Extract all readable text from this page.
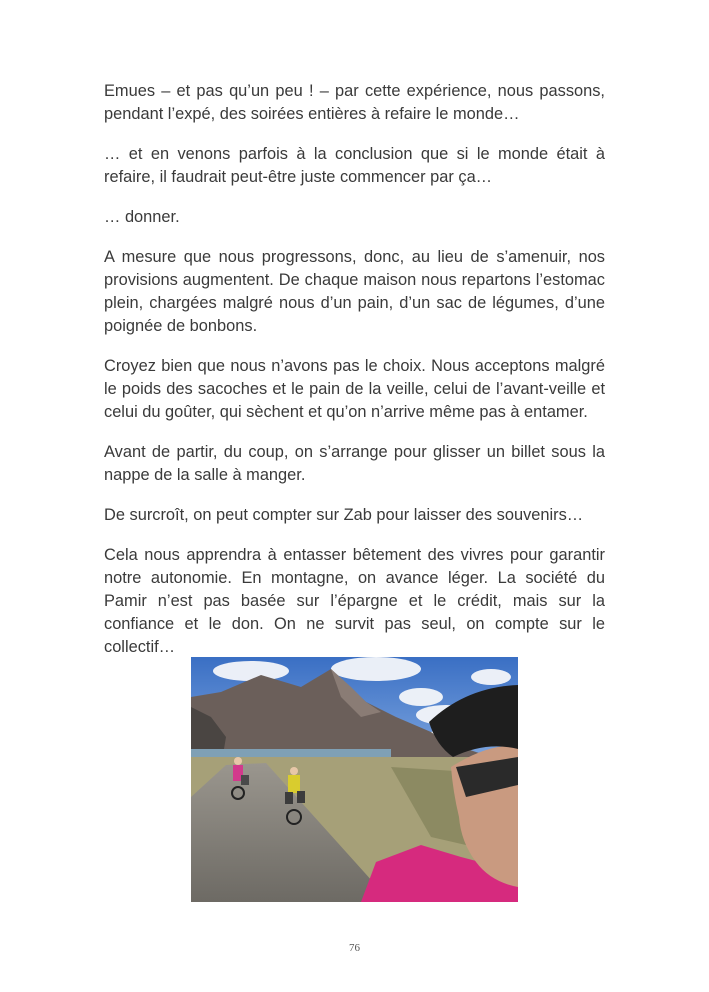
Emues – et pas qu’un peu ! – par cette expérience, nous passons, pendant l’expé, des soirées entières à refaire le monde…

… et en venons parfois à la conclusion que si le monde était à refaire, il faudrait peut-être juste commencer par ça…

… donner.

A mesure que nous progressons, donc, au lieu de s’amenuir, nos provisions augmentent. De chaque maison nous repartons l’estomac plein, chargées malgré nous d’un pain, d’un sac de légumes, d’une poignée de bonbons.

Croyez bien que nous n’avons pas le choix. Nous acceptons malgré le poids des sacoches et le pain de la veille, celui de l’avant-veille et celui du goûter, qui sèchent et qu’on n’arrive même pas à entamer.

Avant de partir, du coup, on s’arrange pour glisser un billet sous la nappe de la salle à manger.

De surcroît, on peut compter sur Zab pour laisser des souvenirs…

Cela nous apprendra à entasser bêtement des vivres pour garantir notre autonomie. En montagne, on avance léger. La société du Pamir n’est pas basée sur l’épargne et le crédit, mais sur la confiance et le don. On ne survit pas seul, on compte sur le collectif…

76
